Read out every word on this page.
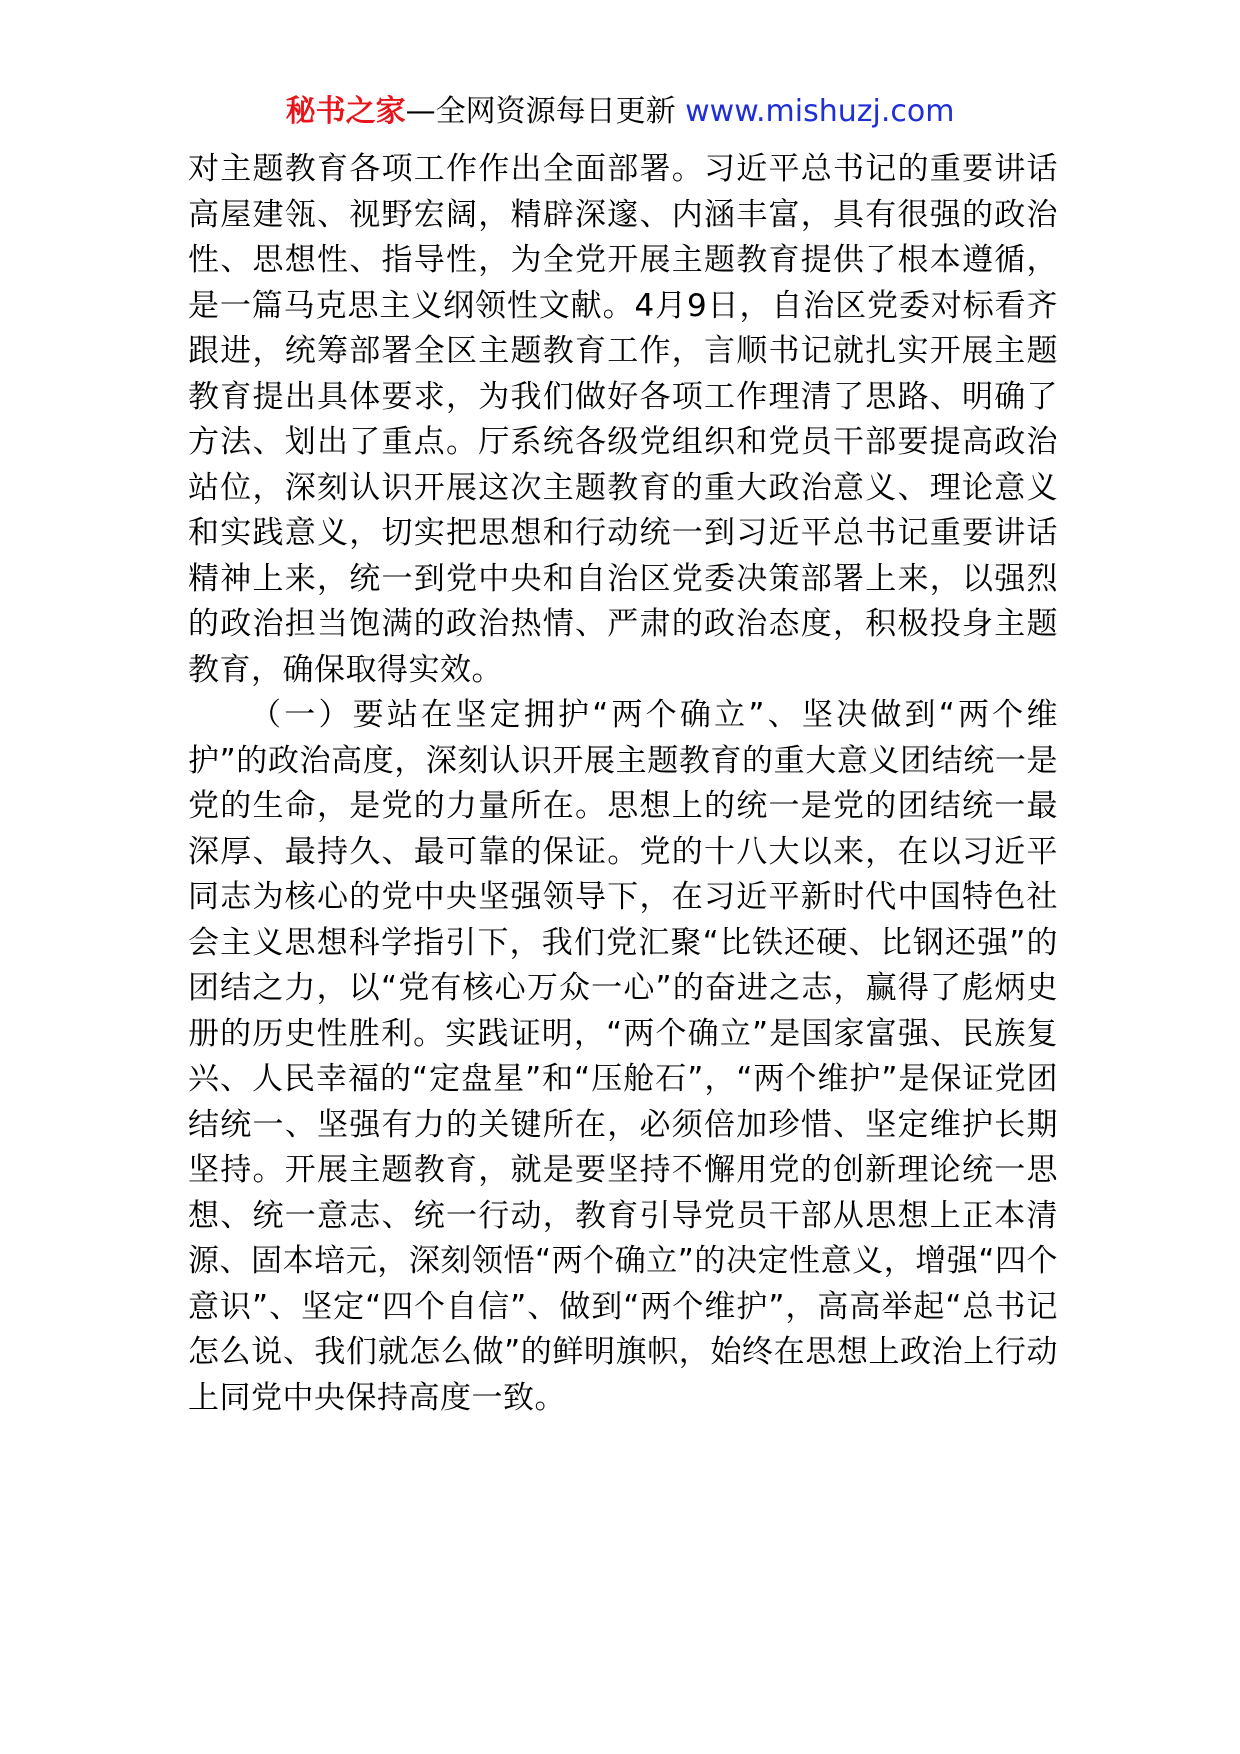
秘书之家—全网资源每日更新 www.mishuzj.com

对主题教育各项工作作出全面部署。习近平总书记的重要讲话高屋建瓴、视野宏阔，精辟深邃、内涵丰富，具有很强的政治性、思想性、指导性，为全党开展主题教育提供了根本遵循，是一篇马克思主义纲领性文献。4月9日，自治区党委对标看齐跟进，统筹部署全区主题教育工作，言顺书记就扎实开展主题教育提出具体要求，为我们做好各项工作理清了思路、明确了方法、划出了重点。厅系统各级党组织和党员干部要提高政治站位，深刻认识开展这次主题教育的重大政治意义、理论意义和实践意义，切实把思想和行动统一到习近平总书记重要讲话精神上来，统一到党中央和自治区党委决策部署上来，以强烈的政治担当饱满的政治热情、严肃的政治态度，积极投身主题教育，确保取得实效。

（一）要站在坚定拥护“两个确立”、坚决做到“两个维护”的政治高度，深刻认识开展主题教育的重大意义团结统一是党的生命，是党的力量所在。思想上的统一是党的团结统一最深厚、最持久、最可靠的保证。党的十八大以来，在以习近平同志为核心的党中央坚强领导下，在习近平新时代中国特色社会主义思想科学指引下，我们党汇聚“比铁还硬、比钢还强”的团结之力，以“党有核心万众一心”的奋进之志，赢得了彪炳史册的历史性胜利。实践证明，“两个确立”是国家富强、民族复兴、人民幸福的“定盘星”和“压舱石”，“两个维护”是保证党团结统一、坚强有力的关键所在，必须倍加珍惜、坚定维护长期坚持。开展主题教育，就是要坚持不懈用党的创新理论统一思想、统一意志、统一行动，教育引导党员干部从思想上正本清源、固本培元，深刻领悟“两个确立”的决定性意义，增强“四个意识”、坚定“四个自信”、做到“两个维护”，高高举起“总书记怎么说、我们就怎么做”的鲜明旗帜，始终在思想上政治上行动上同党中央保持高度一致。
